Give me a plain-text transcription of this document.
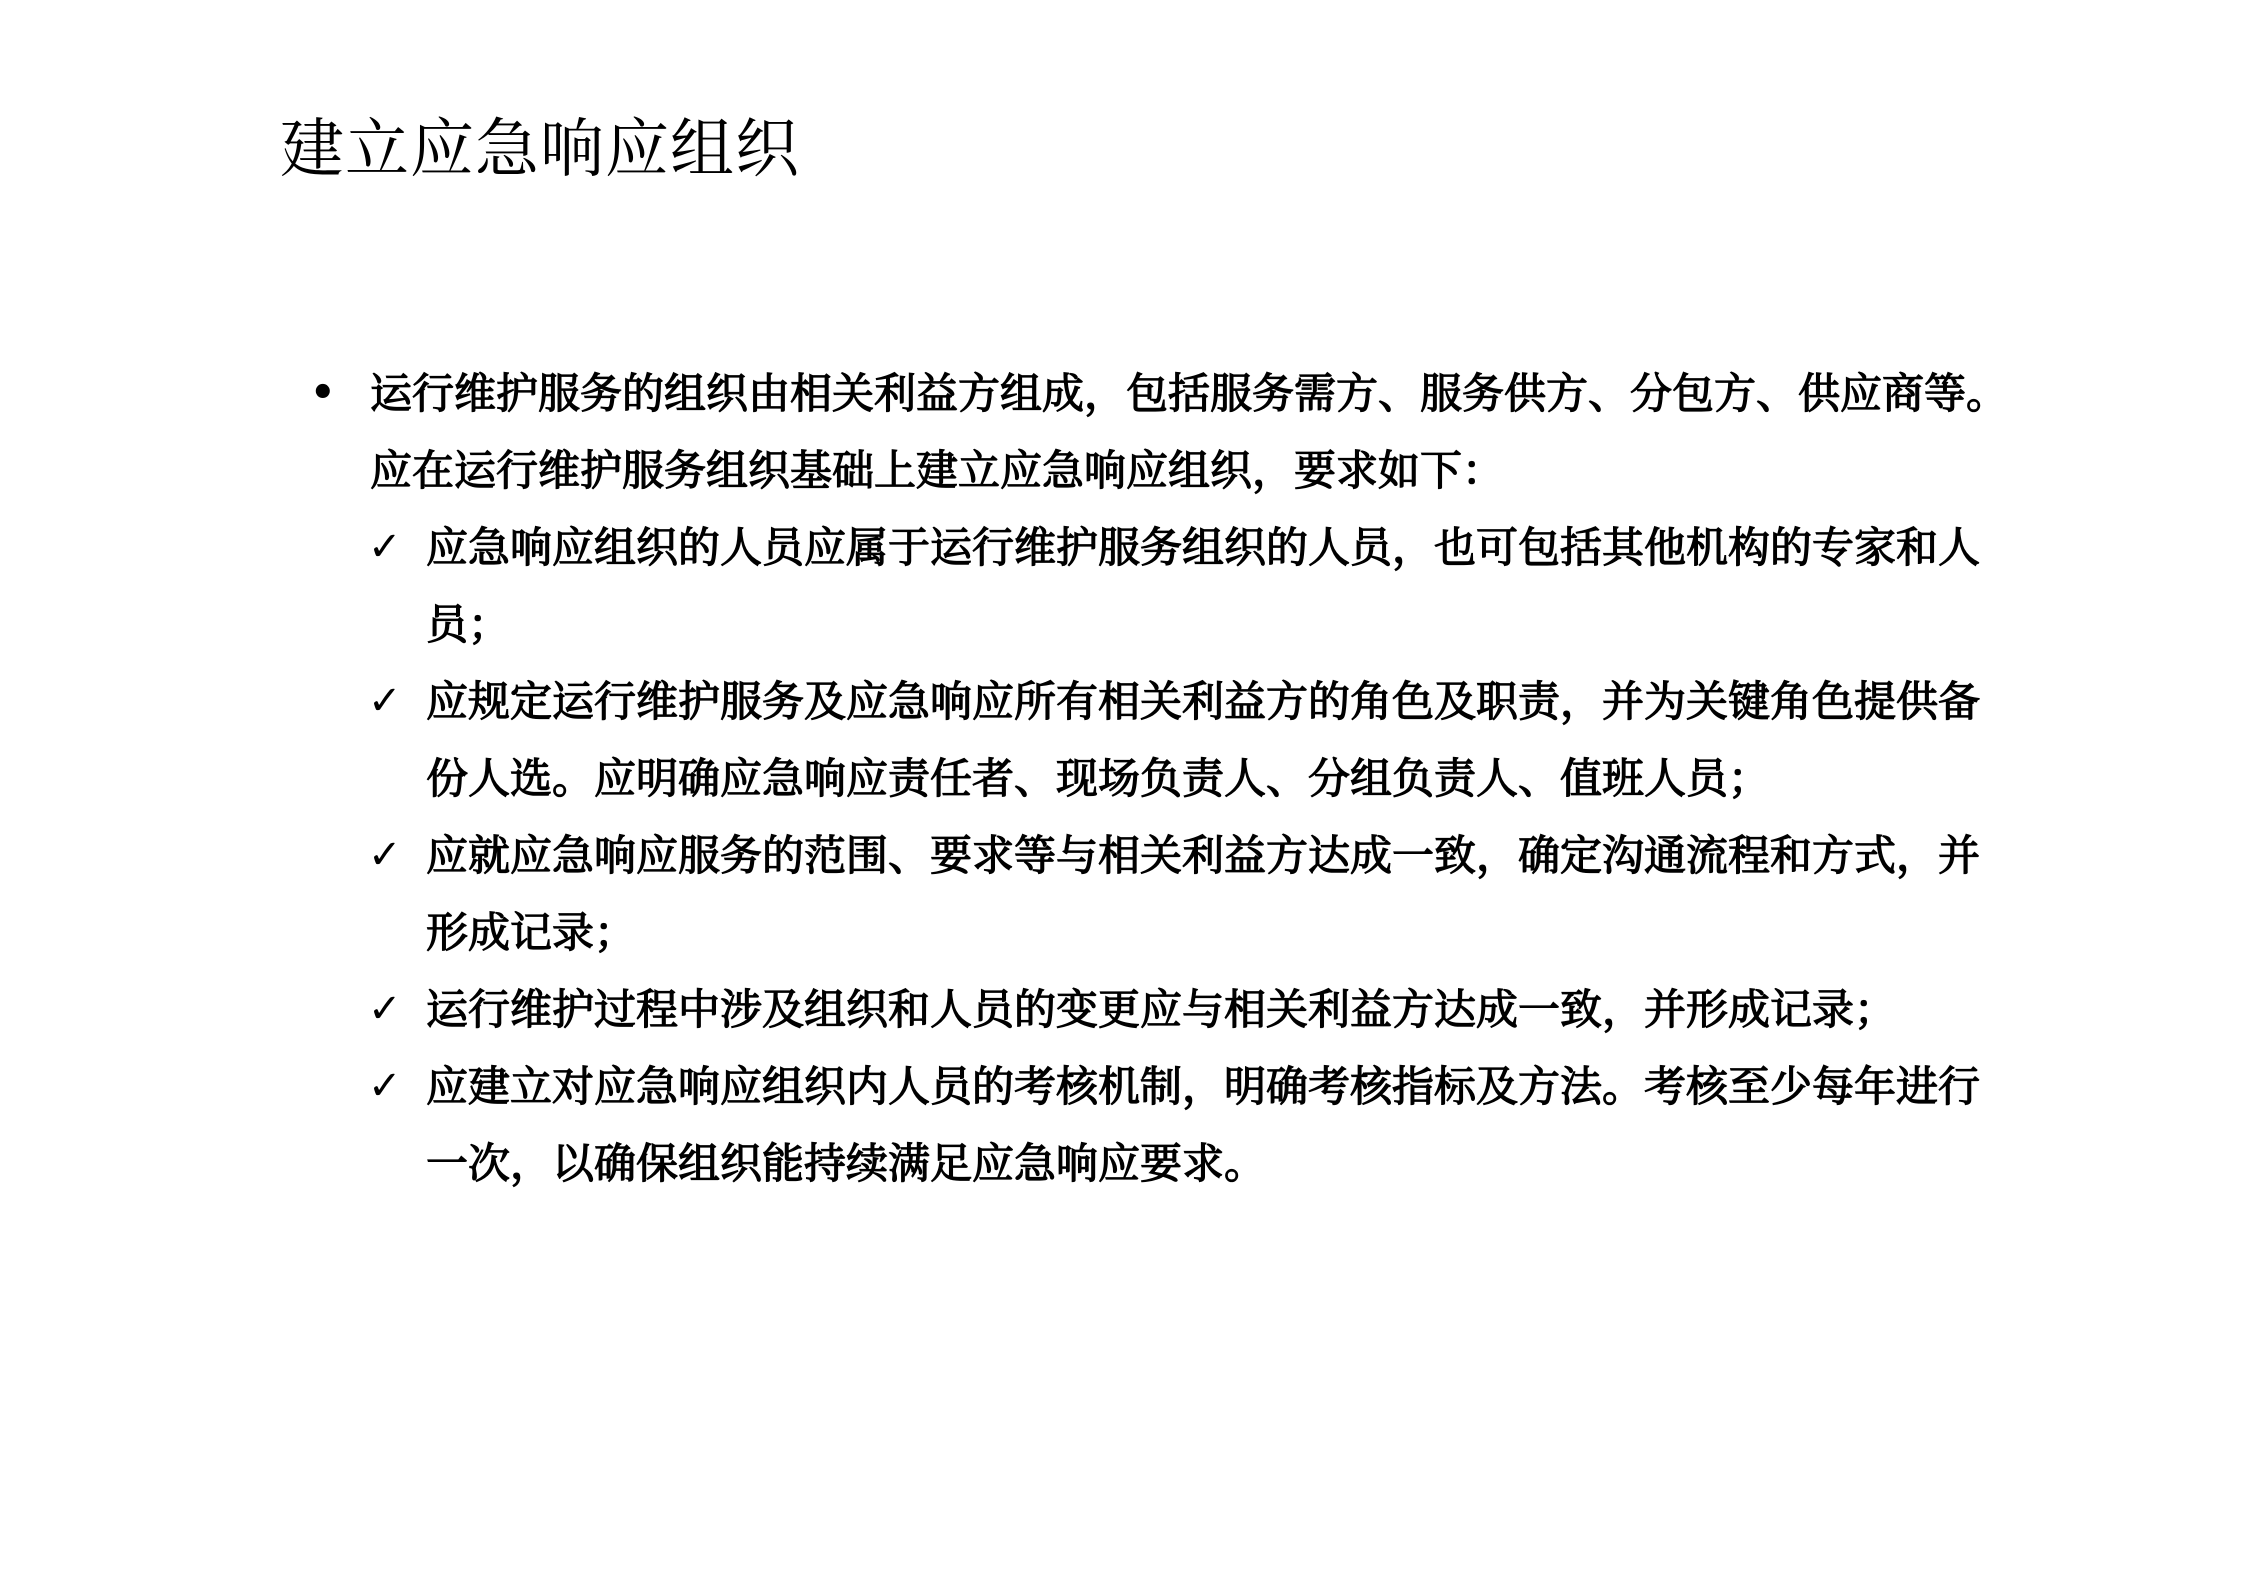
建立应急响应组织
• 运行维护服务的组织由相关利益方组成，包括服务需方、服务供方、分包方、供应商等。应在运行维护服务组织基础上建立应急响应组织，要求如下：
✓ 应急响应组织的人员应属于运行维护服务组织的人员，也可包括其他机构的专家和人员；
✓ 应规定运行维护服务及应急响应所有相关利益方的角色及职责，并为关键角色提供备份人选。应明确应急响应责任者、现场负责人、分组负责人、值班人员；
✓ 应就应急响应服务的范围、要求等与相关利益方达成一致，确定沟通流程和方式，并形成记录；
✓ 运行维护过程中涉及组织和人员的变更应与相关利益方达成一致，并形成记录；
✓ 应建立对应急响应组织内人员的考核机制，明确考核指标及方法。考核至少每年进行一次，以确保组织能持续满足应急响应要求。
